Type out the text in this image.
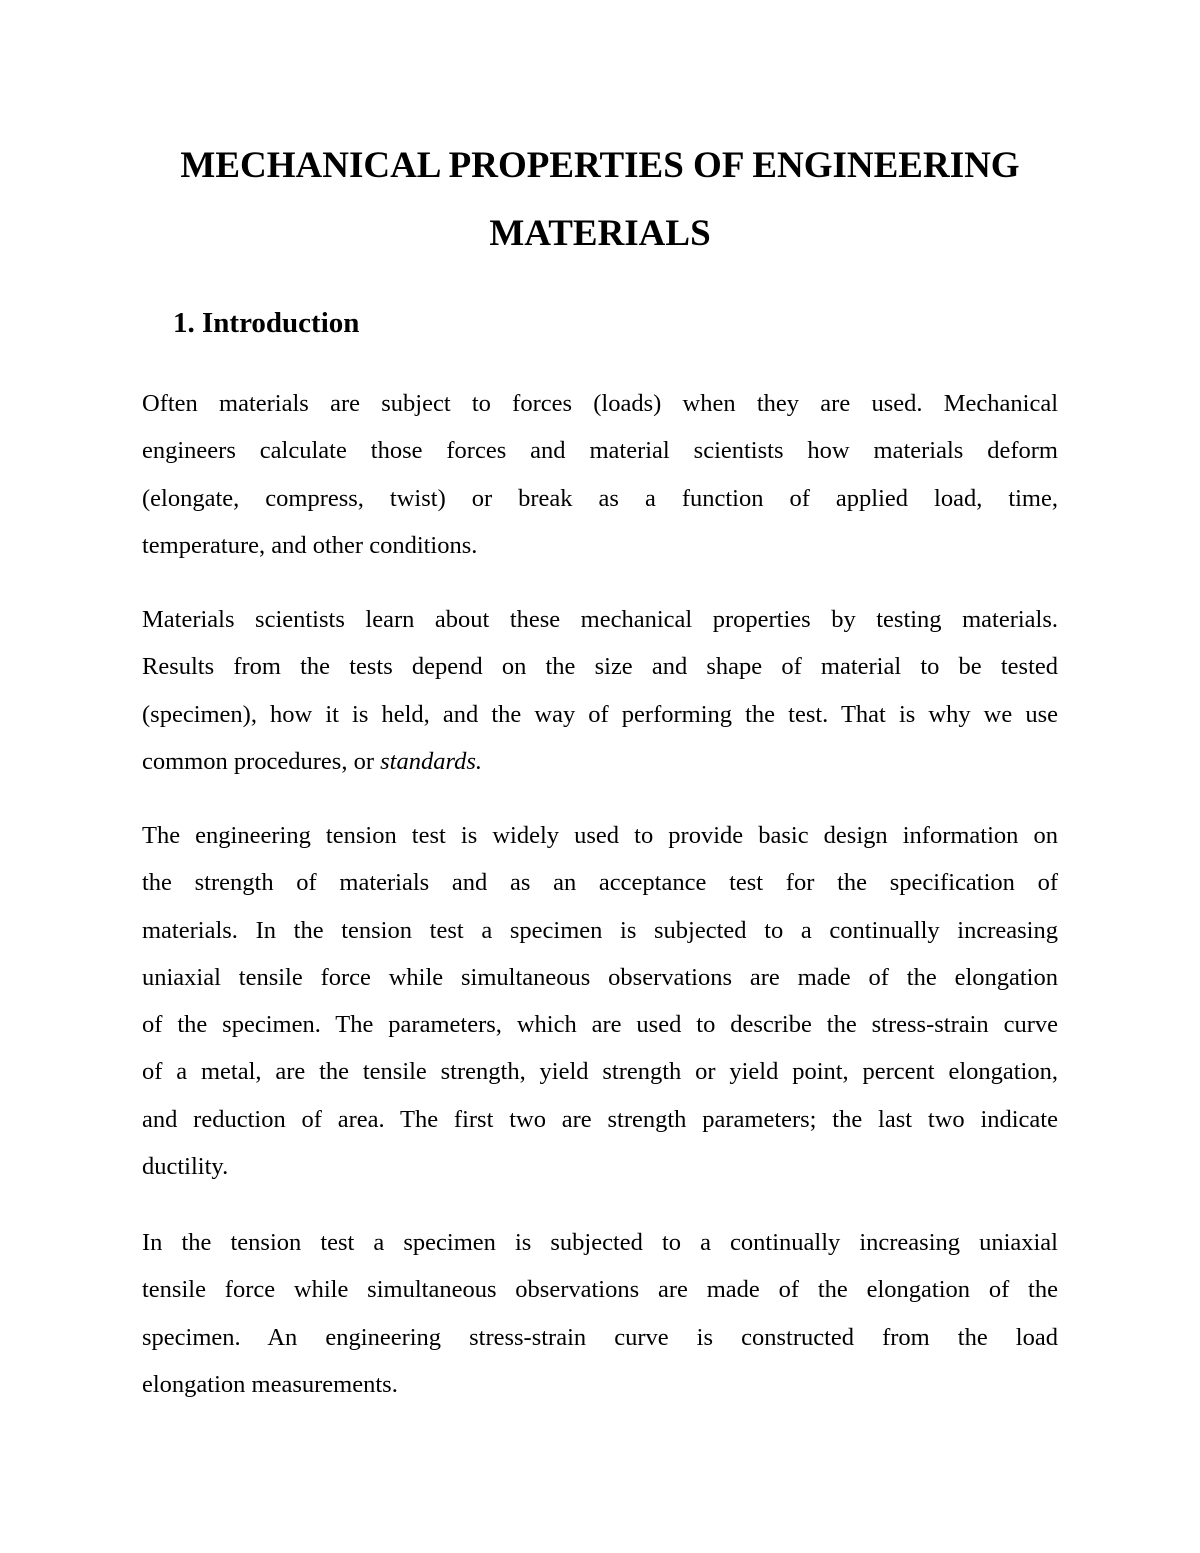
MECHANICAL PROPERTIES OF ENGINEERING
MATERIALS
1. Introduction
Often materials are subject to forces (loads) when they are used. Mechanical
engineers calculate those forces and material scientists how materials deform
(elongate, compress, twist) or break as a function of applied load, time,
temperature, and other conditions.
Materials scientists learn about these mechanical properties by testing materials.
Results from the tests depend on the size and shape of material to be tested
(specimen), how it is held, and the way of performing the test. That is why we use
common procedures, or standards.
The engineering tension test is widely used to provide basic design information on
the strength of materials and as an acceptance test for the specification of
materials. In the tension test a specimen is subjected to a continually increasing
uniaxial tensile force while simultaneous observations are made of the elongation
of the specimen. The parameters, which are used to describe the stress-strain curve
of a metal, are the tensile strength, yield strength or yield point, percent elongation,
and reduction of area. The first two are strength parameters; the last two indicate
ductility.
In the tension test a specimen is subjected to a continually increasing uniaxial
tensile force while simultaneous observations are made of the elongation of the
specimen. An engineering stress-strain curve is constructed from the load
elongation measurements.
